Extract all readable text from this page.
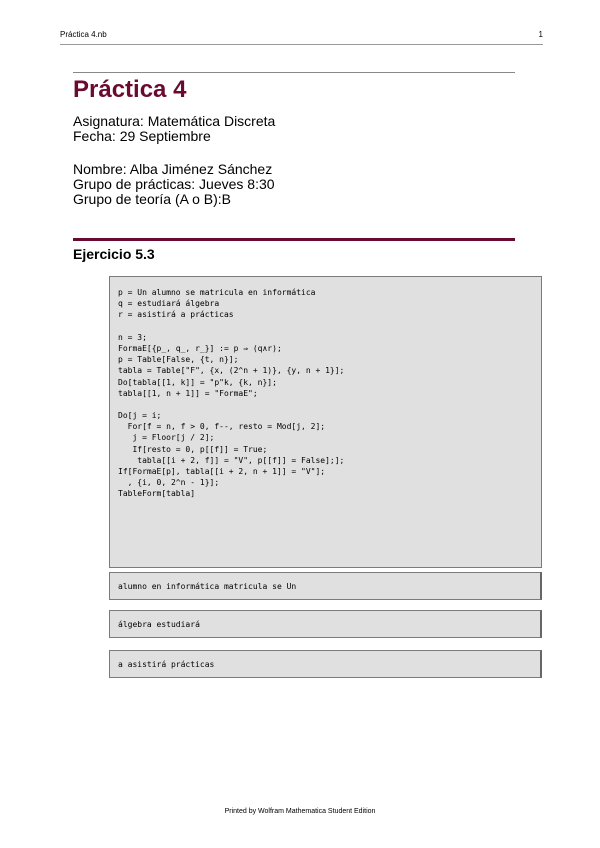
Práctica 4.nb	1
Práctica 4
Asignatura: Matemática Discreta
Fecha: 29 Septiembre
Nombre: Alba Jiménez Sánchez
Grupo de prácticas: Jueves 8:30
Grupo de teoría (A o B):B
Ejercicio 5.3
p = Un alumno se matricula en informática
q = estudiará álgebra
r = asistirá a prácticas
n = 3;
FormaE[{p_, q_, r_}] := p ⇒ (q∧r);
p = Table[False, {t, n}];
tabla = Table["F", {x, (2^n + 1)}, {y, n + 1}];
Do[tabla[[1, k]] = "p"k, {k, n}];
tabla[[1, n + 1]] = "FormaE";
Do[j = i;
For[f = n, f > 0, f--, resto = Mod[j, 2];
j = Floor[j / 2];
If[resto = 0, p[[f]] = True;
tabla[[i + 2, f]] = "V", p[[f]] = False];];
If[FormaE[p], tabla[[i + 2, n + 1]] = "V"];
, {i, 0, 2^n - 1}];
TableForm[tabla]
alumno en informática matricula se Un
álgebra estudiará
a asistirá prácticas
Printed by Wolfram Mathematica Student Edition
